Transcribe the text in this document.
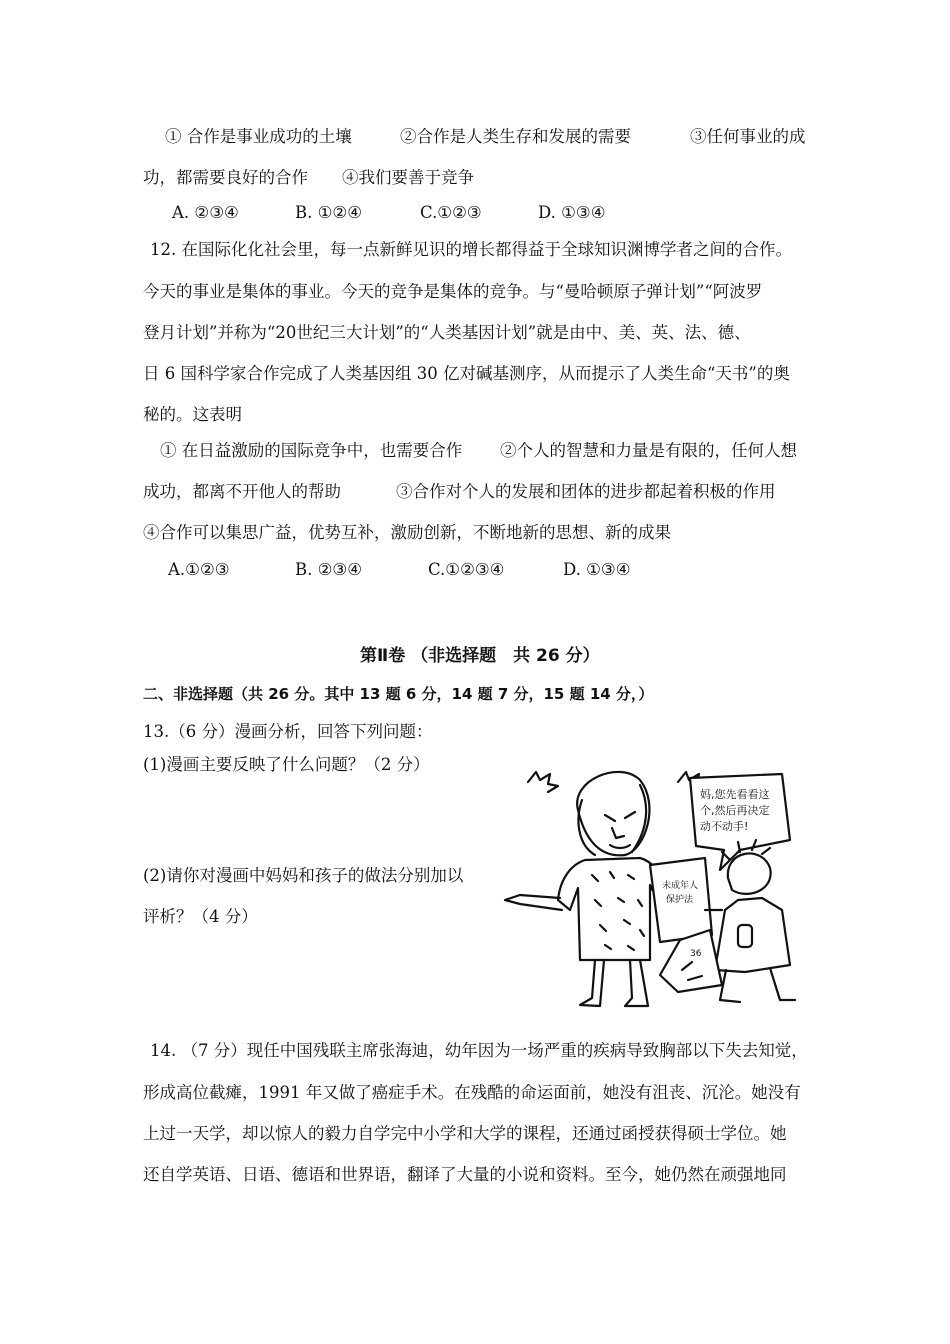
① 合作是事业成功的土壤	②合作是人类生存和发展的需要	③任何事业的成
功，都需要良好的合作 ④我们要善于竞争
A. ②③④	B. ①②④	C.①②③	D. ①③④
12. 在国际化化社会里，每一点新鲜见识的增长都得益于全球知识渊博学者之间的合作。
今天的事业是集体的事业。今天的竞争是集体的竞争。与“曼哈顿原子弹计划”“阿波罗
登月计划”并称为“20世纪三大计划”的“人类基因计划”就是由中、美、英、法、德、
日 6 国科学家合作完成了人类基因组 30 亿对碱基测序，从而提示了人类生命“天书”的奥
秘的。这表明
① 在日益激励的国际竞争中，也需要合作 ②个人的智慧和力量是有限的，任何人想
成功，都离不开他人的帮助	③合作对个人的发展和团体的进步都起着积极的作用
④合作可以集思广益，优势互补，激励创新，不断地新的思想、新的成果
A.①②③	B. ②③④	C.①②③④	D. ①③④
第Ⅱ卷 （非选择题　共 26 分）
二、非选择题（共 26 分。其中 13 题 6 分，14 题 7 分，15 题 14 分，）
13.（6 分）漫画分析，回答下列问题：
(1)漫画主要反映了什么问题？（2 分）
(2)请你对漫画中妈妈和孩子的做法分别加以
评析？（4 分）
妈,您先看看这
个,然后再决定
动不动手!
未成年人
保护法
36
14. （7 分）现任中国残联主席张海迪，幼年因为一场严重的疾病导致胸部以下失去知觉，
形成高位截瘫，1991 年又做了癌症手术。在残酷的命运面前，她没有沮丧、沉沦。她没有
上过一天学，却以惊人的毅力自学完中小学和大学的课程，还通过函授获得硕士学位。她
还自学英语、日语、德语和世界语，翻译了大量的小说和资料。至今，她仍然在顽强地同
